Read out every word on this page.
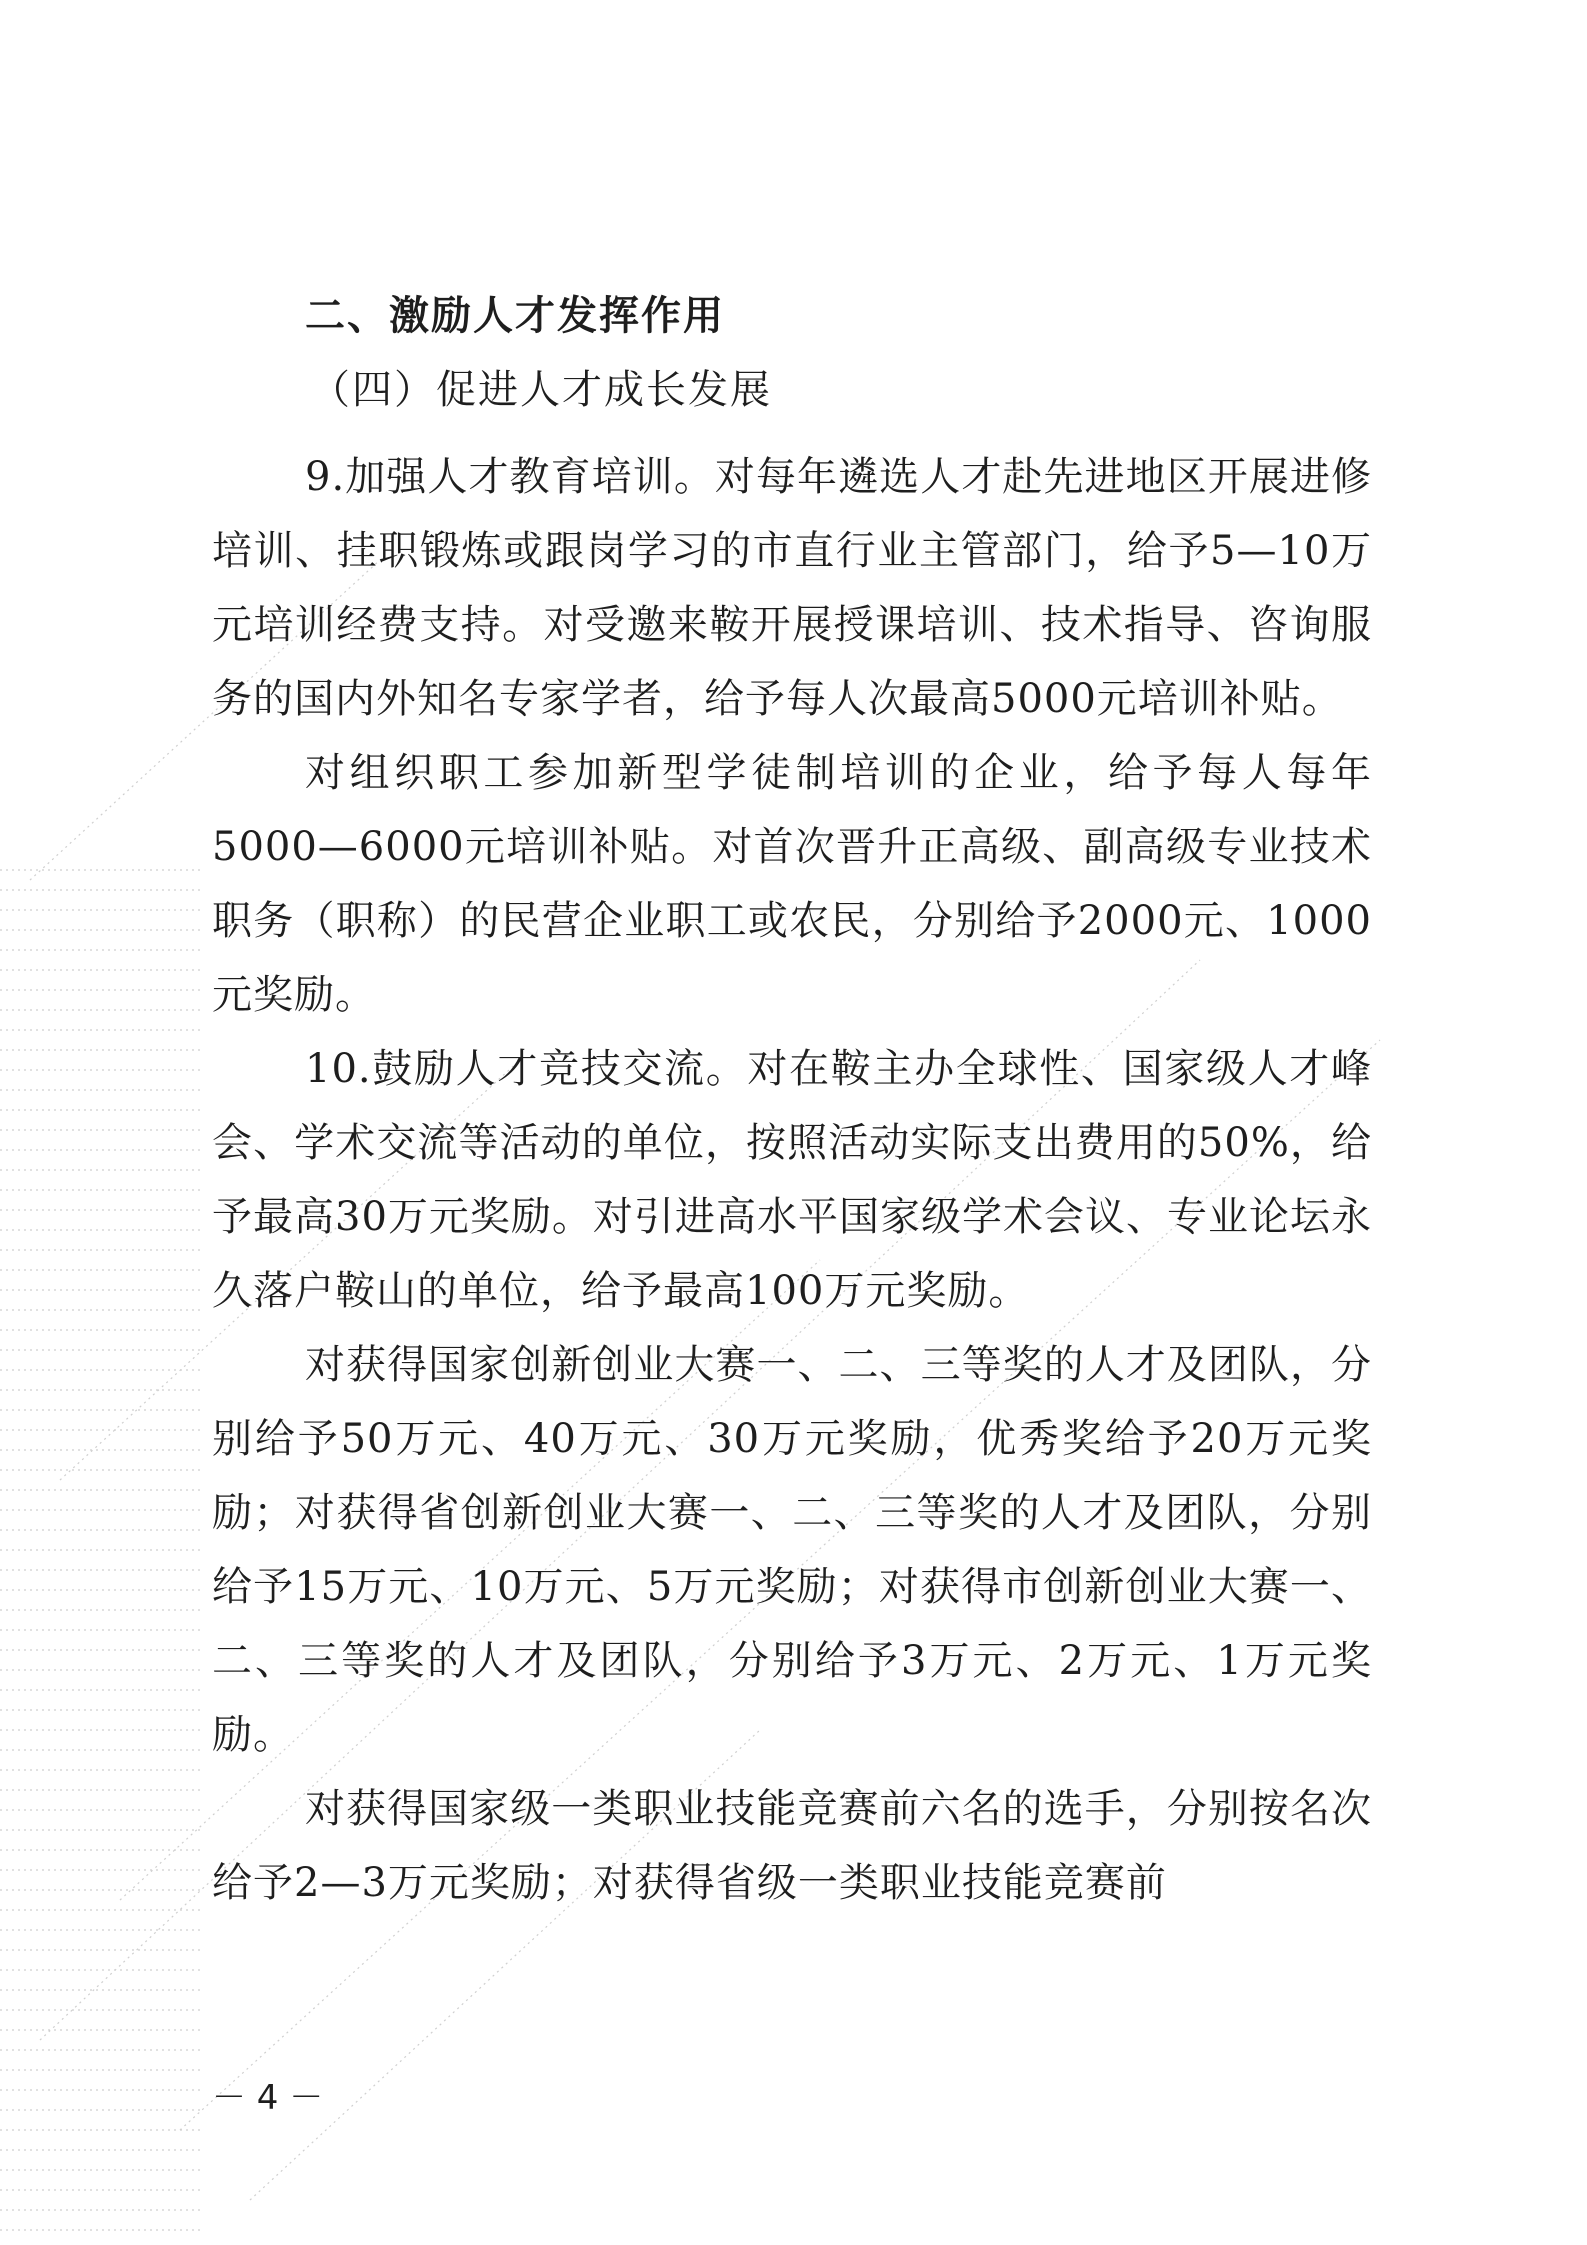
二、激励人才发挥作用
（四）促进人才成长发展

9.加强人才教育培训。对每年遴选人才赴先进地区开展进修培训、挂职锻炼或跟岗学习的市直行业主管部门，给予5—10万元培训经费支持。对受邀来鞍开展授课培训、技术指导、咨询服务的国内外知名专家学者，给予每人次最高5000元培训补贴。

对组织职工参加新型学徒制培训的企业，给予每人每年5000—6000元培训补贴。对首次晋升正高级、副高级专业技术职务（职称）的民营企业职工或农民，分别给予2000元、1000元奖励。

10.鼓励人才竞技交流。对在鞍主办全球性、国家级人才峰会、学术交流等活动的单位，按照活动实际支出费用的50%，给予最高30万元奖励。对引进高水平国家级学术会议、专业论坛永久落户鞍山的单位，给予最高100万元奖励。

对获得国家创新创业大赛一、二、三等奖的人才及团队，分别给予50万元、40万元、30万元奖励，优秀奖给予20万元奖励；对获得省创新创业大赛一、二、三等奖的人才及团队，分别给予15万元、10万元、5万元奖励；对获得市创新创业大赛一、二、三等奖的人才及团队，分别给予3万元、2万元、1万元奖励。

对获得国家级一类职业技能竞赛前六名的选手，分别按名次给予2—3万元奖励；对获得省级一类职业技能竞赛前

－ 4 －
